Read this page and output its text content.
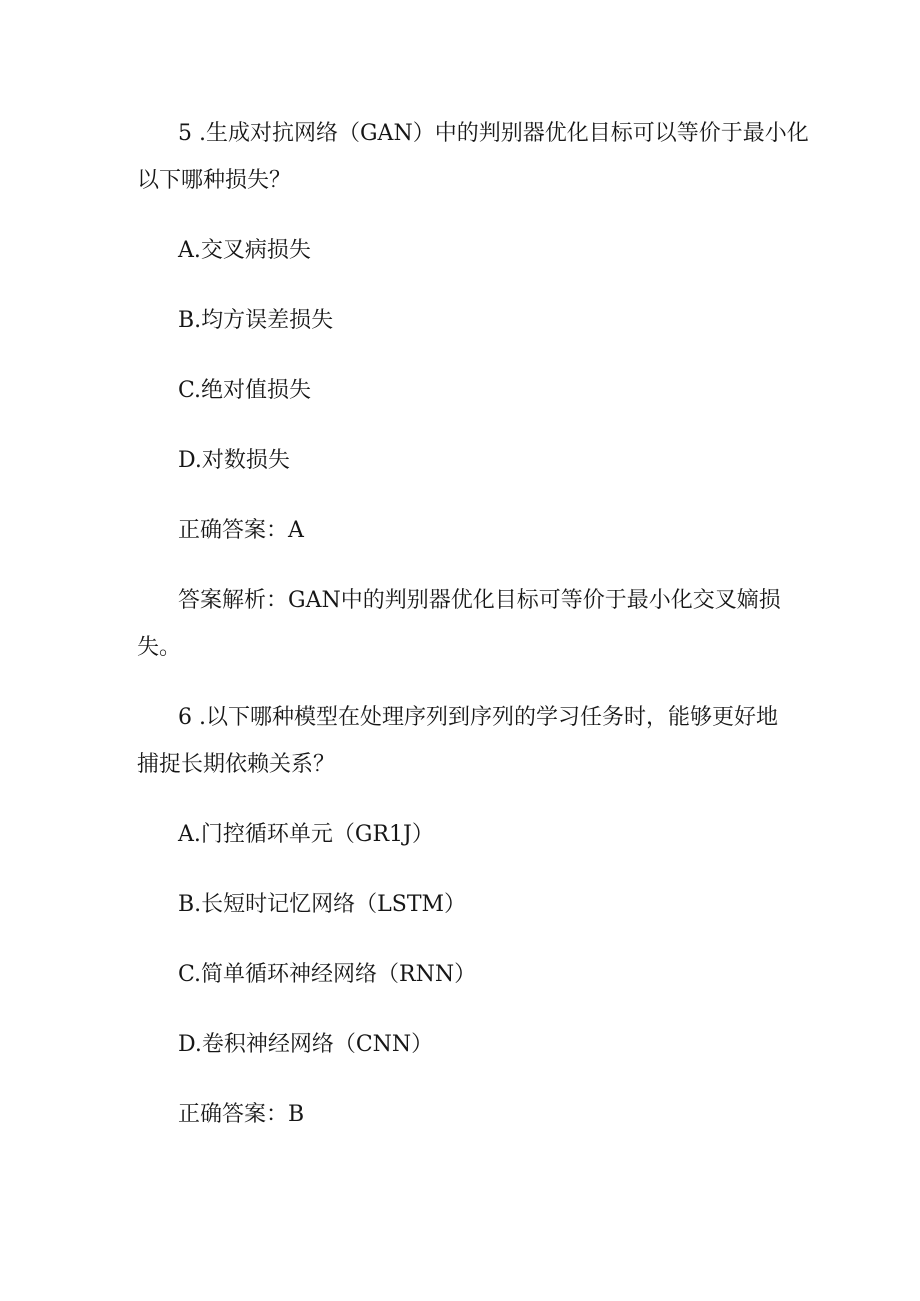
5 .生成对抗网络（GAN）中的判别器优化目标可以等价于最小化
以下哪种损失？
A.交叉病损失
B.均方误差损失
C.绝对值损失
D.对数损失
正确答案：A
答案解析：GAN中的判别器优化目标可等价于最小化交叉嫡损
失。
6 .以下哪种模型在处理序列到序列的学习任务时，能够更好地
捕捉长期依赖关系？
A.门控循环单元（GR1J）
B.长短时记忆网络（LSTM）
C.简单循环神经网络（RNN）
D.卷积神经网络（CNN）
正确答案：B
